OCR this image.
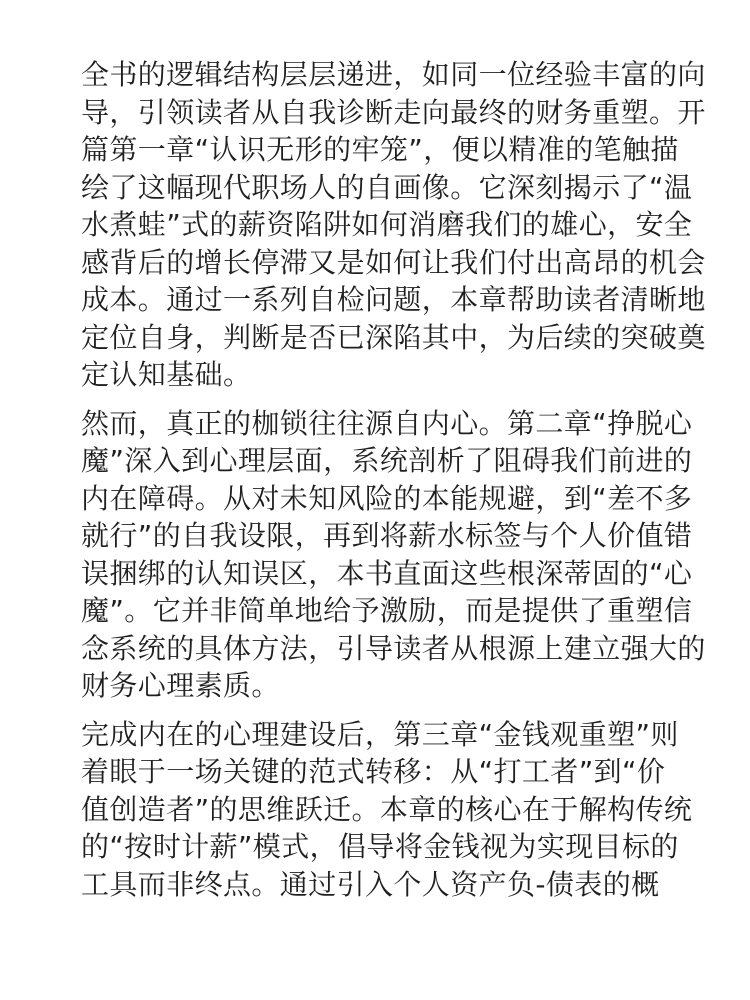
全书的逻辑结构层层递进，如同一位经验丰富的向
导，引领读者从自我诊断走向最终的财务重塑。开
篇第一章“认识无形的牢笼”，便以精准的笔触描
绘了这幅现代职场人的自画像。它深刻揭示了“温
水煮蛙”式的薪资陷阱如何消磨我们的雄心，安全
感背后的增长停滞又是如何让我们付出高昂的机会
成本。通过一系列自检问题，本章帮助读者清晰地
定位自身，判断是否已深陷其中，为后续的突破奠
定认知基础。

然而，真正的枷锁往往源自内心。第二章“挣脱心
魔”深入到心理层面，系统剖析了阻碍我们前进的
内在障碍。从对未知风险的本能规避，到“差不多
就行”的自我设限，再到将薪水标签与个人价值错
误捆绑的认知误区，本书直面这些根深蒂固的“心
魔”。它并非简单地给予激励，而是提供了重塑信
念系统的具体方法，引导读者从根源上建立强大的
财务心理素质。

完成内在的心理建设后，第三章“金钱观重塑”则
着眼于一场关键的范式转移：从“打工者”到“价
值创造者”的思维跃迁。本章的核心在于解构传统
的“按时计薪”模式，倡导将金钱视为实现目标的
工具而非终点。通过引入个人资产负-债表的概
